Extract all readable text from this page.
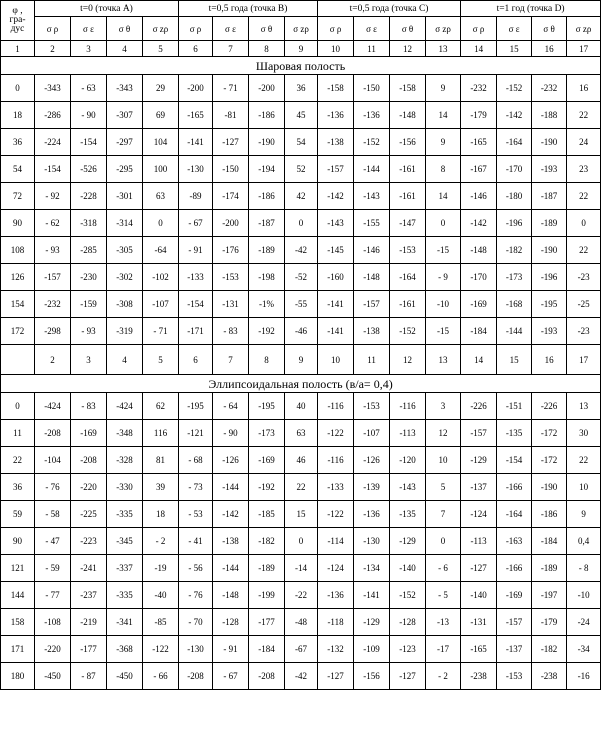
φ ,
гра-
дус	t=0 (точка A)				t=0,5 года (точка B)				t=0,5 года (точка C)				t=1 год (точка D)			
	σ ρ	σ ε	σ θ	σ zρ	σ ρ	σ ε	σ θ	σ zρ	σ ρ	σ ε	σ θ	σ zρ	σ ρ	σ ε	σ θ	σ zρ
1	2	3	4	5	6	7	8	9	10	11	12	13	14	15	16	17
Шаровая полость																
0	-343	- 63	-343	29	-200	- 71	-200	36	-158	-150	-158	9	-232	-152	-232	16
18	-286	- 90	-307	69	-165	-81	-186	45	-136	-136	-148	14	-179	-142	-188	22
36	-224	-154	-297	104	-141	-127	-190	54	-138	-152	-156	9	-165	-164	-190	24
54	-154	-526	-295	100	-130	-150	-194	52	-157	-144	-161	8	-167	-170	-193	23
72	- 92	-228	-301	63	-89	-174	-186	42	-142	-143	-161	14	-146	-180	-187	22
90	- 62	-318	-314	0	- 67	-200	-187	0	-143	-155	-147	0	-142	-196	-189	0
108	- 93	-285	-305	-64	- 91	-176	-189	-42	-145	-146	-153	-15	-148	-182	-190	22
126	-157	-230	-302	-102	-133	-153	-198	-52	-160	-148	-164	- 9	-170	-173	-196	-23
154	-232	-159	-308	-107	-154	-131	-1%	-55	-141	-157	-161	-10	-169	-168	-195	-25
172	-298	- 93	-319	- 71	-171	- 83	-192	-46	-141	-138	-152	-15	-184	-144	-193	-23
	2	3	4	5	6	7	8	9	10	11	12	13	14	15	16	17
Эллипсоидальная полость (в/а= 0,4)																
0	-424	- 83	-424	62	-195	- 64	-195	40	-116	-153	-116	3	-226	-151	-226	13
11	-208	-169	-348	116	-121	- 90	-173	63	-122	-107	-113	12	-157	-135	-172	30
22	-104	-208	-328	81	- 68	-126	-169	46	-116	-126	-120	10	-129	-154	-172	22
36	- 76	-220	-330	39	- 73	-144	-192	22	-133	-139	-143	5	-137	-166	-190	10
59	- 58	-225	-335	18	- 53	-142	-185	15	-122	-136	-135	7	-124	-164	-186	9
90	- 47	-223	-345	- 2	- 41	-138	-182	0	-114	-130	-129	0	-113	-163	-184	0,4
121	- 59	-241	-337	-19	- 56	-144	-189	-14	-124	-134	-140	- 6	-127	-166	-189	- 8
144	- 77	-237	-335	-40	- 76	-148	-199	-22	-136	-141	-152	- 5	-140	-169	-197	-10
158	-108	-219	-341	-85	- 70	-128	-177	-48	-118	-129	-128	-13	-131	-157	-179	-24
171	-220	-177	-368	-122	-130	- 91	-184	-67	-132	-109	-123	-17	-165	-137	-182	-34
180	-450	- 87	-450	- 66	-208	- 67	-208	-42	-127	-156	-127	- 2	-238	-153	-238	-16
